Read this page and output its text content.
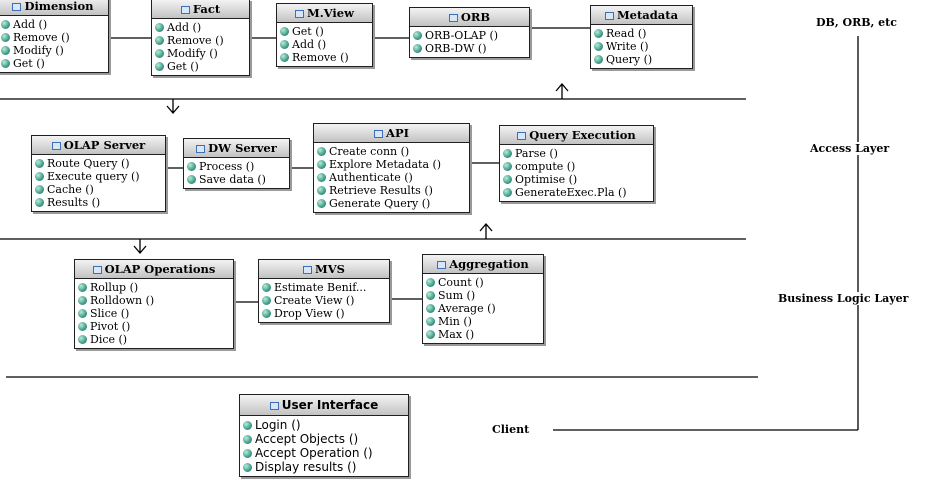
DB, ORB, etc
Access Layer
Business Logic Layer
Client
Dimension
Add ()
Remove ()
Modify ()
Get ()
Fact
Add ()
Remove ()
Modify ()
Get ()
M.View
Get ()
Add ()
Remove ()
ORB
ORB-OLAP ()
ORB-DW ()
Metadata
Read ()
Write ()
Query ()
OLAP Server
Route Query ()
Execute query ()
Cache ()
Results ()
DW Server
Process ()
Save data ()
API
Create conn ()
Explore Metadata ()
Authenticate ()
Retrieve Results ()
Generate Query ()
Query Execution
Parse ()
compute ()
Optimise ()
GenerateExec.Pla ()
OLAP Operations
Rollup ()
Rolldown ()
Slice ()
Pivot ()
Dice ()
MVS
Estimate Benif...
Create View ()
Drop View ()
Aggregation
Count ()
Sum ()
Average ()
Min ()
Max ()
User Interface
Login ()
Accept Objects ()
Accept Operation ()
Display results ()
